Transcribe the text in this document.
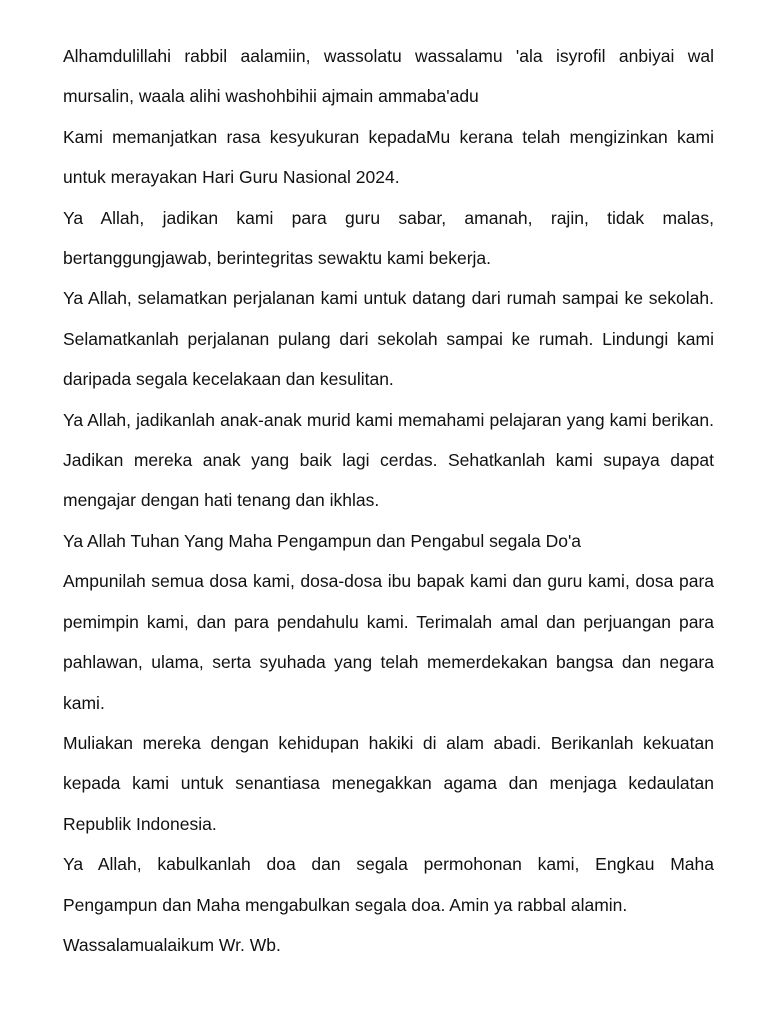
Alhamdulillahi rabbil aalamiin, wassolatu wassalamu 'ala isyrofil anbiyai wal mursalin, waala alihi washohbihii ajmain ammaba'adu

Kami memanjatkan rasa kesyukuran kepadaMu kerana telah mengizinkan kami untuk merayakan Hari Guru Nasional 2024.

Ya Allah, jadikan kami para guru sabar, amanah, rajin, tidak malas, bertanggungjawab, berintegritas sewaktu kami bekerja.

Ya Allah, selamatkan perjalanan kami untuk datang dari rumah sampai ke sekolah. Selamatkanlah perjalanan pulang dari sekolah sampai ke rumah. Lindungi kami daripada segala kecelakaan dan kesulitan.

Ya Allah, jadikanlah anak-anak murid kami memahami pelajaran yang kami berikan. Jadikan mereka anak yang baik lagi cerdas. Sehatkanlah kami supaya dapat mengajar dengan hati tenang dan ikhlas.

Ya Allah Tuhan Yang Maha Pengampun dan Pengabul segala Do'a

Ampunilah semua dosa kami, dosa-dosa ibu bapak kami dan guru kami, dosa para pemimpin kami, dan para pendahulu kami. Terimalah amal dan perjuangan para pahlawan, ulama, serta syuhada yang telah memerdekakan bangsa dan negara kami.

Muliakan mereka dengan kehidupan hakiki di alam abadi. Berikanlah kekuatan kepada kami untuk senantiasa menegakkan agama dan menjaga kedaulatan Republik Indonesia.

Ya Allah, kabulkanlah doa dan segala permohonan kami, Engkau Maha Pengampun dan Maha mengabulkan segala doa. Amin ya rabbal alamin.

Wassalamualaikum Wr. Wb.
